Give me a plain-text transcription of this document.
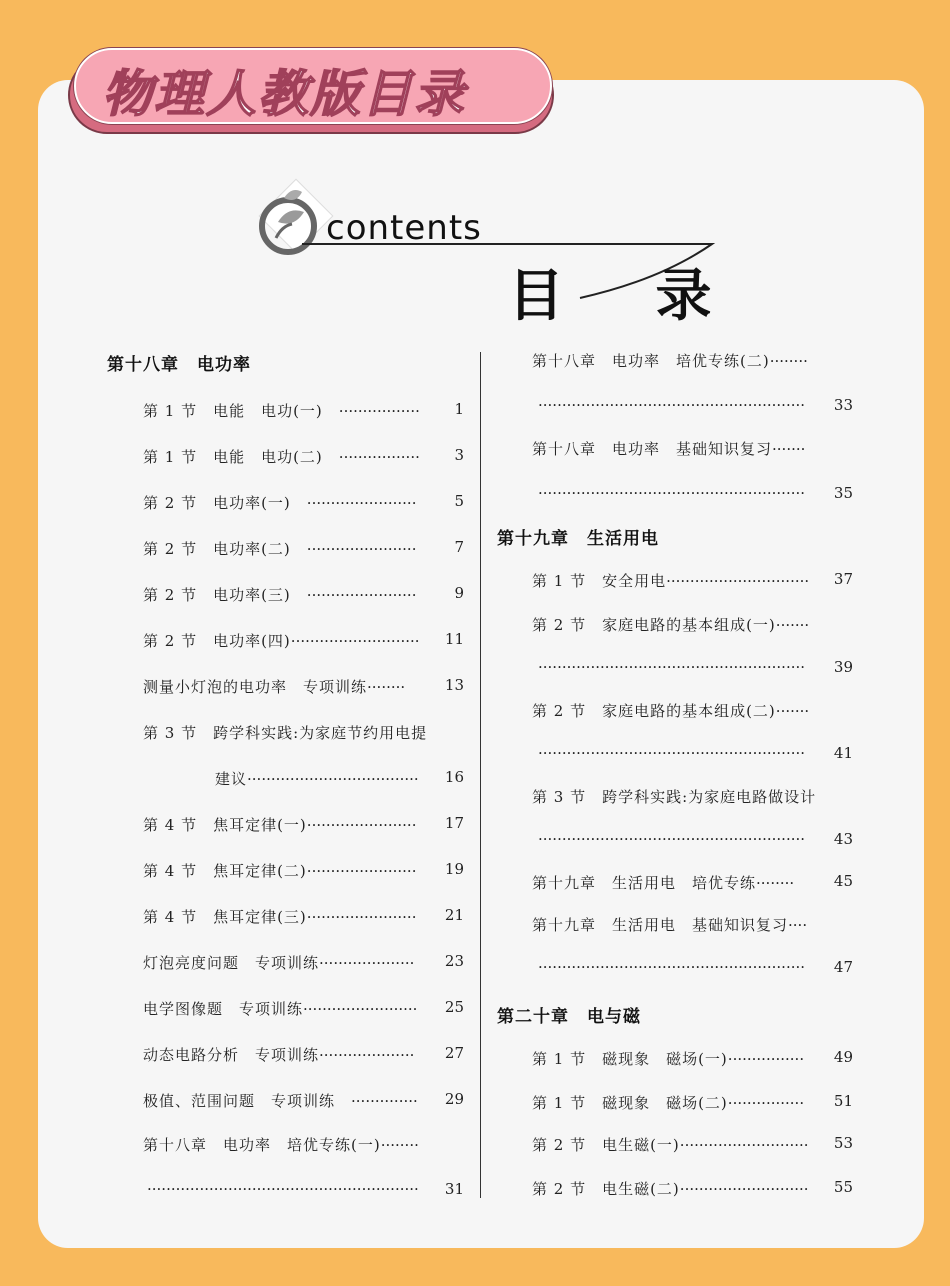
物理人教版目录
contents
目 录
第十八章　电功率
第十九章　生活用电
第二十章　电与磁
第 1 节　电能　电功(一)　·················	1
第 1 节　电能　电功(二)　·················	3
第 2 节　电功率(一)　·······················	5
第 2 节　电功率(二)　·······················	7
第 2 节　电功率(三)　·······················	9
第 2 节　电功率(四)···························	11
测量小灯泡的电功率　专项训练········	13
第 3 节　跨学科实践:为家庭节约用电提
建议····································	16
第 4 节　焦耳定律(一)·······················	17
第 4 节　焦耳定律(二)·······················	19
第 4 节　焦耳定律(三)·······················	21
灯泡亮度问题　专项训练····················	23
电学图像题　专项训练························	25
动态电路分析　专项训练····················	27
极值、范围问题　专项训练　··············	29
第十八章　电功率　培优专练(一)········
·························································	31
第十八章　电功率　培优专练(二)········
························································	33
第十八章　电功率　基础知识复习·······
························································	35
第 1 节　安全用电······························	37
第 2 节　家庭电路的基本组成(一)·······
························································	39
第 2 节　家庭电路的基本组成(二)·······
························································	41
第 3 节　跨学科实践:为家庭电路做设计
························································	43
第十九章　生活用电　培优专练········	45
第十九章　生活用电　基础知识复习····
························································	47
第 1 节　磁现象　磁场(一)················	49
第 1 节　磁现象　磁场(二)················	51
第 2 节　电生磁(一)···························	53
第 2 节　电生磁(二)···························	55
